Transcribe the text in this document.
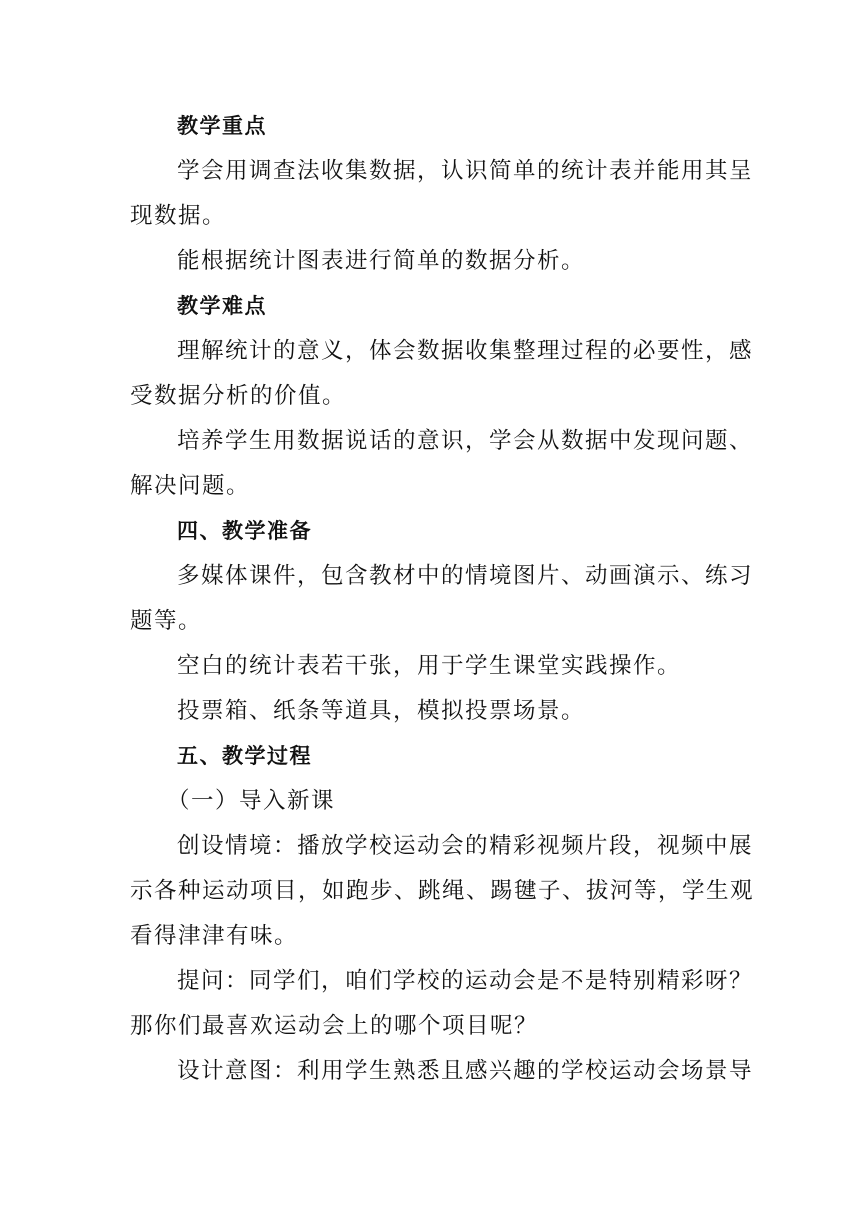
教学重点

学会用调查法收集数据，认识简单的统计表并能用其呈

现数据。

能根据统计图表进行简单的数据分析。

教学难点

理解统计的意义，体会数据收集整理过程的必要性，感

受数据分析的价值。

培养学生用数据说话的意识，学会从数据中发现问题、

解决问题。

四、教学准备

多媒体课件，包含教材中的情境图片、动画演示、练习

题等。

空白的统计表若干张，用于学生课堂实践操作。

投票箱、纸条等道具，模拟投票场景。

五、教学过程

（一）导入新课

创设情境：播放学校运动会的精彩视频片段，视频中展

示各种运动项目，如跑步、跳绳、踢毽子、拔河等，学生观

看得津津有味。

提问：同学们，咱们学校的运动会是不是特别精彩呀？

那你们最喜欢运动会上的哪个项目呢？

设计意图：利用学生熟悉且感兴趣的学校运动会场景导
